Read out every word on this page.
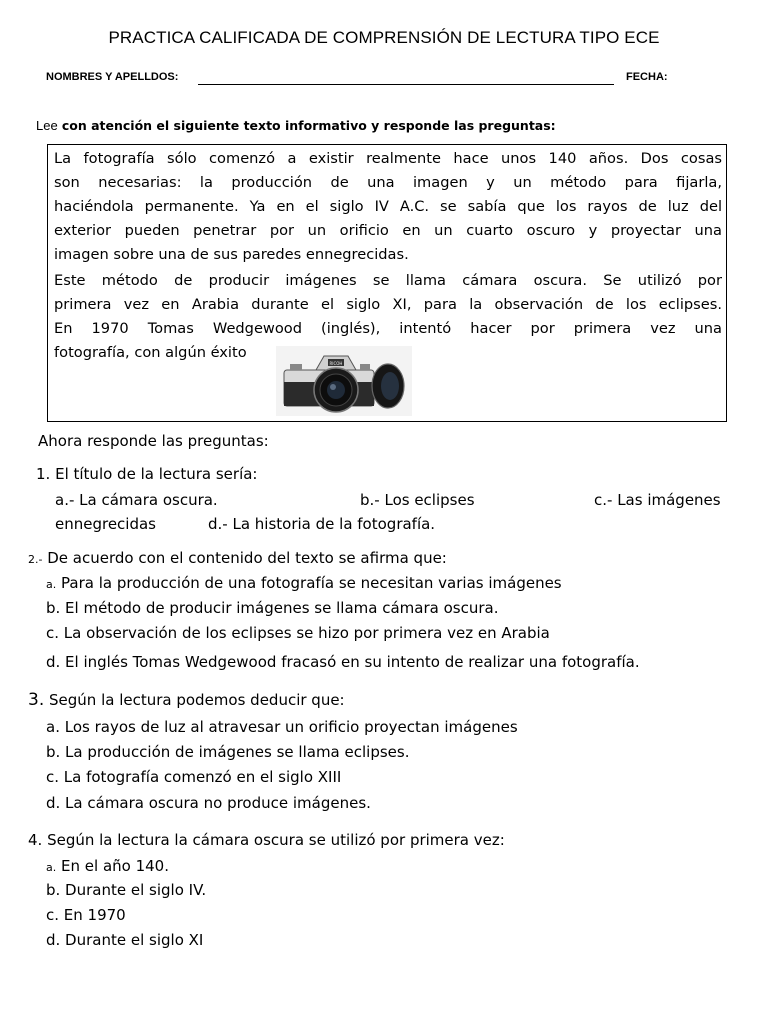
PRACTICA CALIFICADA DE COMPRENSIÓN DE LECTURA TIPO ECE
NOMBRES Y APELLDOS:	FECHA:
Lee con atención el siguiente texto informativo y responde las preguntas:
La fotografía sólo comenzó a existir realmente hace unos 140 años. Dos cosas
son necesarias: la producción de una imagen y un método para fijarla,
haciéndola permanente. Ya en el siglo IV A.C. se sabía que los rayos de luz del
exterior pueden penetrar por un orificio en un cuarto oscuro y proyectar una
imagen sobre una de sus paredes ennegrecidas.
Este método de producir imágenes se llama cámara oscura. Se utilizó por
primera vez en Arabia durante el siglo XI, para la observación de los eclipses.
En 1970 Tomas Wedgewood (inglés), intentó hacer por primera vez una
fotografía, con algún éxito
RICOH
Ahora responde las preguntas:
1. El título de la lectura sería:
a.- La cámara oscura.	b.- Los eclipses	c.- Las imágenes
ennegrecidas	d.- La historia de la fotografía.
2.- De acuerdo con el contenido del texto se afirma que:
a. Para la producción de una fotografía se necesitan varias imágenes
b. El método de producir imágenes se llama cámara oscura.
c. La observación de los eclipses se hizo por primera vez en Arabia
d. El inglés Tomas Wedgewood fracasó en su intento de realizar una fotografía.
3. Según la lectura podemos deducir que:
a. Los rayos de luz al atravesar un orificio proyectan imágenes
b. La producción de imágenes se llama eclipses.
c. La fotografía comenzó en el siglo XIII
d. La cámara oscura no produce imágenes.
4. Según la lectura la cámara oscura se utilizó por primera vez:
a. En el año 140.
b. Durante el siglo IV.
c. En 1970
d. Durante el siglo XI
